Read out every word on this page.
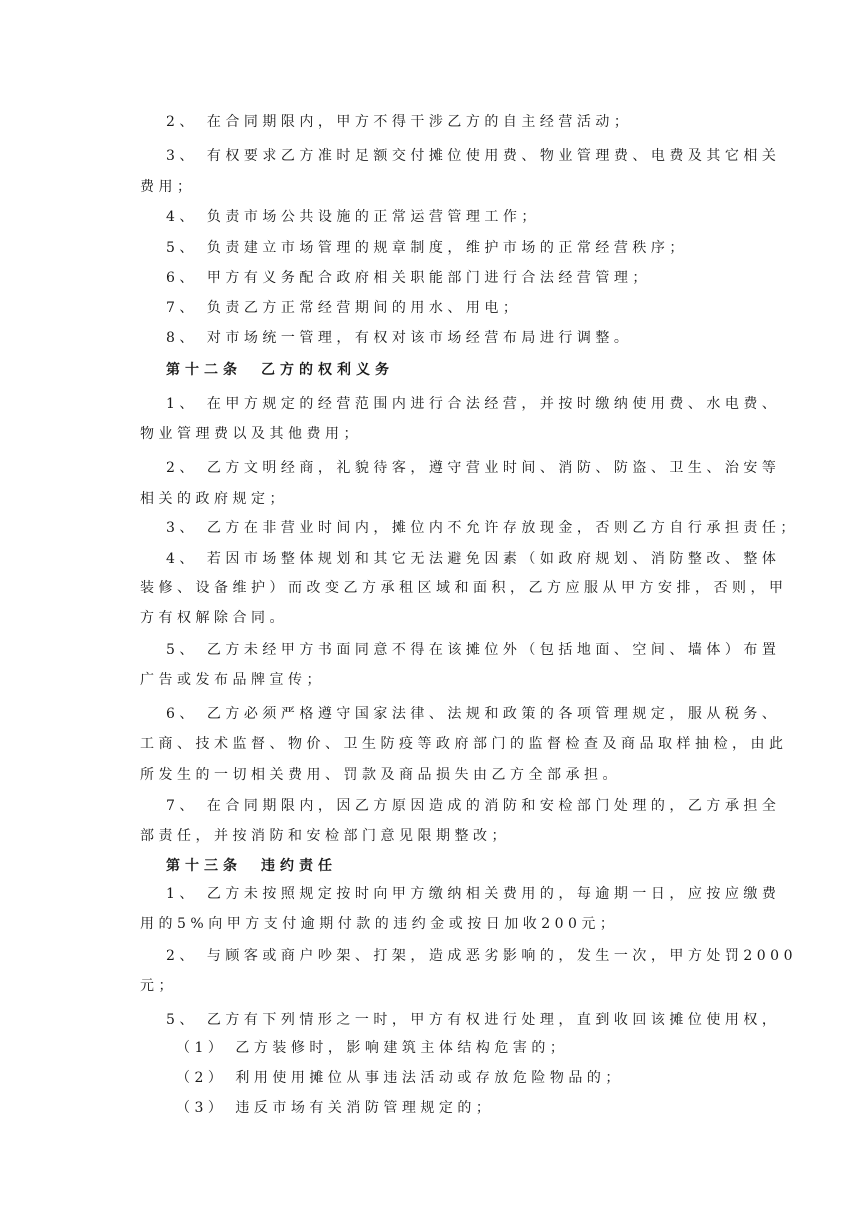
2、 在合同期限内，甲方不得干涉乙方的自主经营活动；
3、 有权要求乙方准时足额交付摊位使用费、物业管理费、电费及其它相关
费用；
4、 负责市场公共设施的正常运营管理工作；
5、 负责建立市场管理的规章制度，维护市场的正常经营秩序；
6、 甲方有义务配合政府相关职能部门进行合法经营管理；
7、 负责乙方正常经营期间的用水、用电；
8、 对市场统一管理，有权对该市场经营布局进行调整。
第十二条　乙方的权利义务
1、 在甲方规定的经营范围内进行合法经营，并按时缴纳使用费、水电费、
物业管理费以及其他费用；
2、 乙方文明经商，礼貌待客，遵守营业时间、消防、防盗、卫生、治安等
相关的政府规定；
3、 乙方在非营业时间内，摊位内不允许存放现金，否则乙方自行承担责任；
4、 若因市场整体规划和其它无法避免因素（如政府规划、消防整改、整体
装修、设备维护）而改变乙方承租区域和面积，乙方应服从甲方安排，否则，甲
方有权解除合同。
5、 乙方未经甲方书面同意不得在该摊位外（包括地面、空间、墙体）布置
广告或发布品牌宣传；
6、 乙方必须严格遵守国家法律、法规和政策的各项管理规定，服从税务、
工商、技术监督、物价、卫生防疫等政府部门的监督检查及商品取样抽检，由此
所发生的一切相关费用、罚款及商品损失由乙方全部承担。
7、 在合同期限内，因乙方原因造成的消防和安检部门处理的，乙方承担全
部责任，并按消防和安检部门意见限期整改；
第十三条　违约责任
1、 乙方未按照规定按时向甲方缴纳相关费用的，每逾期一日，应按应缴费
用的5%向甲方支付逾期付款的违约金或按日加收200元；
2、 与顾客或商户吵架、打架，造成恶劣影响的，发生一次，甲方处罚2000
元；
5、 乙方有下列情形之一时，甲方有权进行处理，直到收回该摊位使用权，
（1） 乙方装修时，影响建筑主体结构危害的；
（2） 利用使用摊位从事违法活动或存放危险物品的；
（3） 违反市场有关消防管理规定的；
